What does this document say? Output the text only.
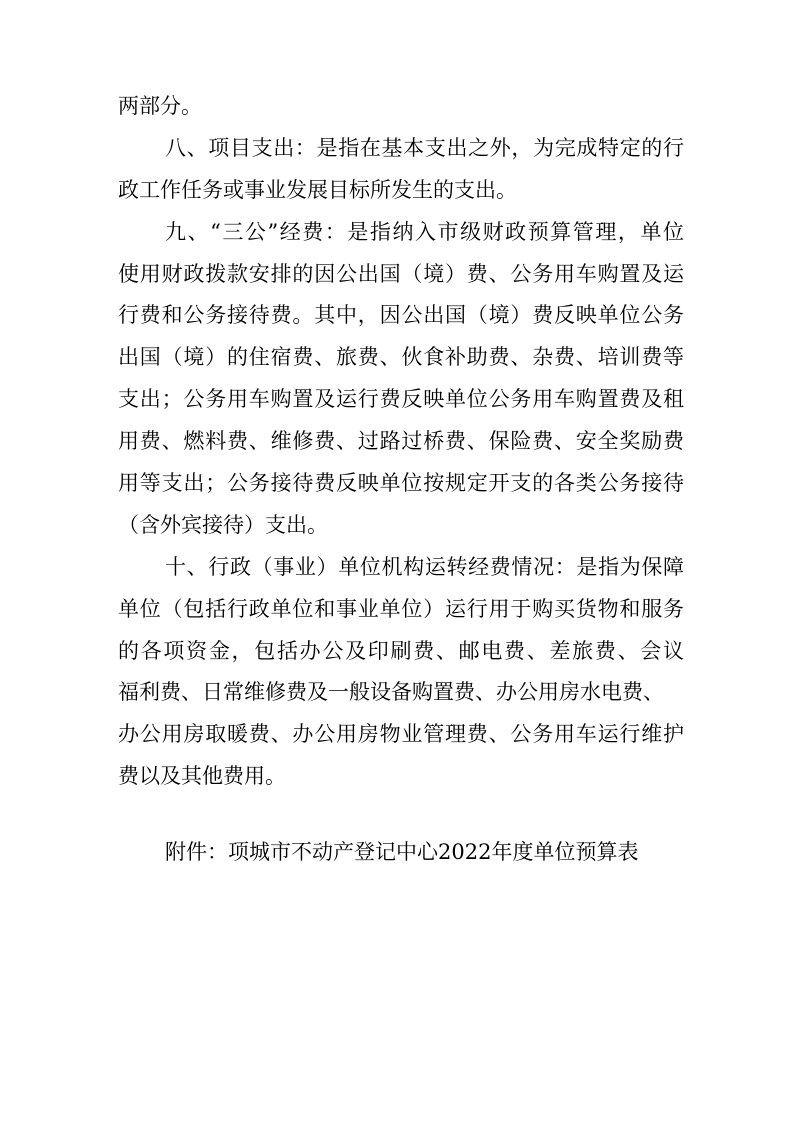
两部分。
八、项目支出：是指在基本支出之外，为完成特定的行
政工作任务或事业发展目标所发生的支出。
九、“三公”经费：是指纳入市级财政预算管理，单位
使用财政拨款安排的因公出国（境）费、公务用车购置及运
行费和公务接待费。其中，因公出国（境）费反映单位公务
出国（境）的住宿费、旅费、伙食补助费、杂费、培训费等
支出；公务用车购置及运行费反映单位公务用车购置费及租
用费、燃料费、维修费、过路过桥费、保险费、安全奖励费
用等支出；公务接待费反映单位按规定开支的各类公务接待
（含外宾接待）支出。
十、行政（事业）单位机构运转经费情况：是指为保障
单位（包括行政单位和事业单位）运行用于购买货物和服务
的各项资金，包括办公及印刷费、邮电费、差旅费、会议
福利费、日常维修费及一般设备购置费、办公用房水电费、
办公用房取暖费、办公用房物业管理费、公务用车运行维护
费以及其他费用。
附件：项城市不动产登记中心2022年度单位预算表
